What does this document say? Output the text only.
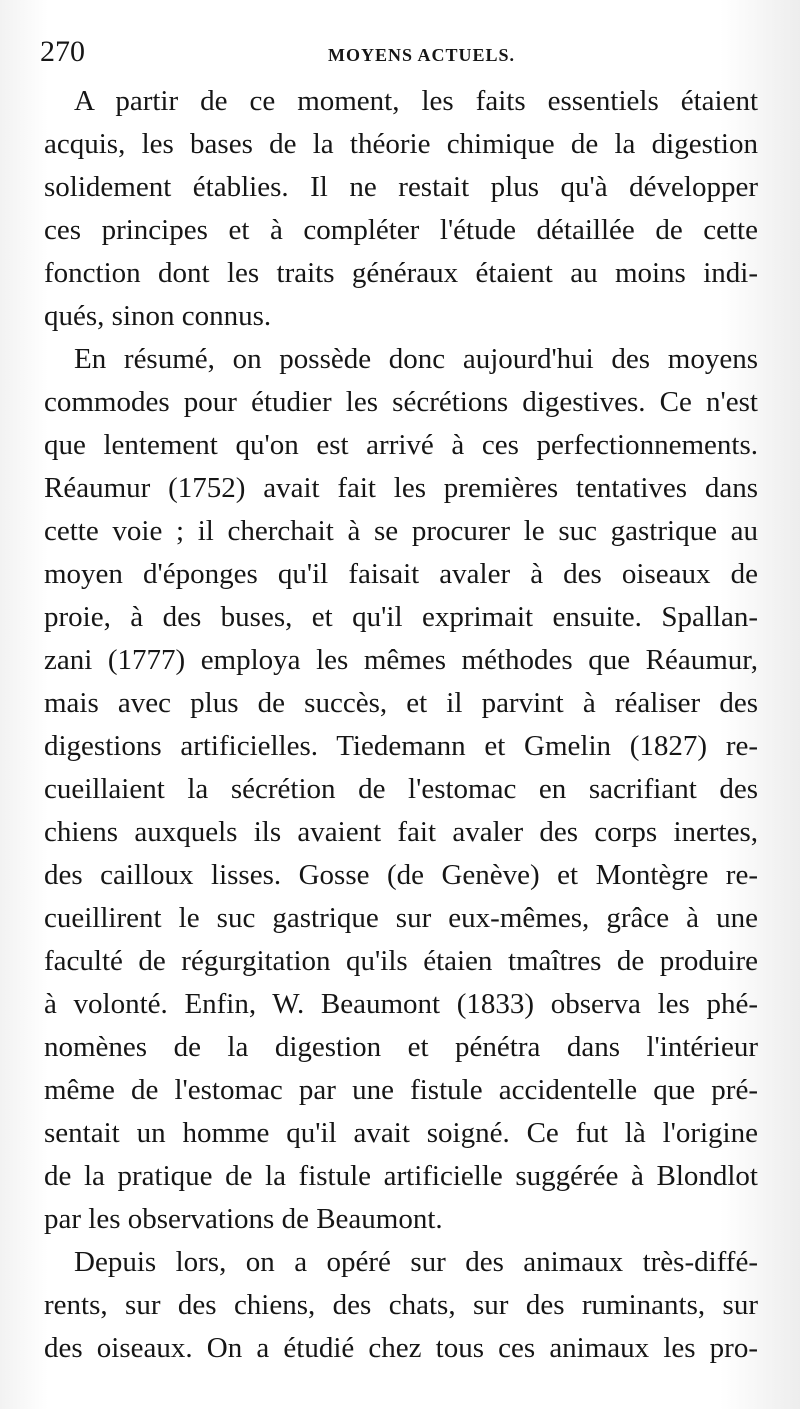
270	MOYENS ACTUELS.
A partir de ce moment, les faits essentiels étaient
acquis, les bases de la théorie chimique de la digestion
solidement établies. Il ne restait plus qu'à développer
ces principes et à compléter l'étude détaillée de cette
fonction dont les traits généraux étaient au moins indi-
qués, sinon connus.
En résumé, on possède donc aujourd'hui des moyens
commodes pour étudier les sécrétions digestives. Ce n'est
que lentement qu'on est arrivé à ces perfectionnements.
Réaumur (1752) avait fait les premières tentatives dans
cette voie ; il cherchait à se procurer le suc gastrique au
moyen d'éponges qu'il faisait avaler à des oiseaux de
proie, à des buses, et qu'il exprimait ensuite. Spallan-
zani (1777) employa les mêmes méthodes que Réaumur,
mais avec plus de succès, et il parvint à réaliser des
digestions artificielles. Tiedemann et Gmelin (1827) re-
cueillaient la sécrétion de l'estomac en sacrifiant des
chiens auxquels ils avaient fait avaler des corps inertes,
des cailloux lisses. Gosse (de Genève) et Montègre re-
cueillirent le suc gastrique sur eux-mêmes, grâce à une
faculté de régurgitation qu'ils étaien tmaîtres de produire
à volonté. Enfin, W. Beaumont (1833) observa les phé-
nomènes de la digestion et pénétra dans l'intérieur
même de l'estomac par une fistule accidentelle que pré-
sentait un homme qu'il avait soigné. Ce fut là l'origine
de la pratique de la fistule artificielle suggérée à Blondlot
par les observations de Beaumont.
Depuis lors, on a opéré sur des animaux très-diffé-
rents, sur des chiens, des chats, sur des ruminants, sur
des oiseaux. On a étudié chez tous ces animaux les pro-
